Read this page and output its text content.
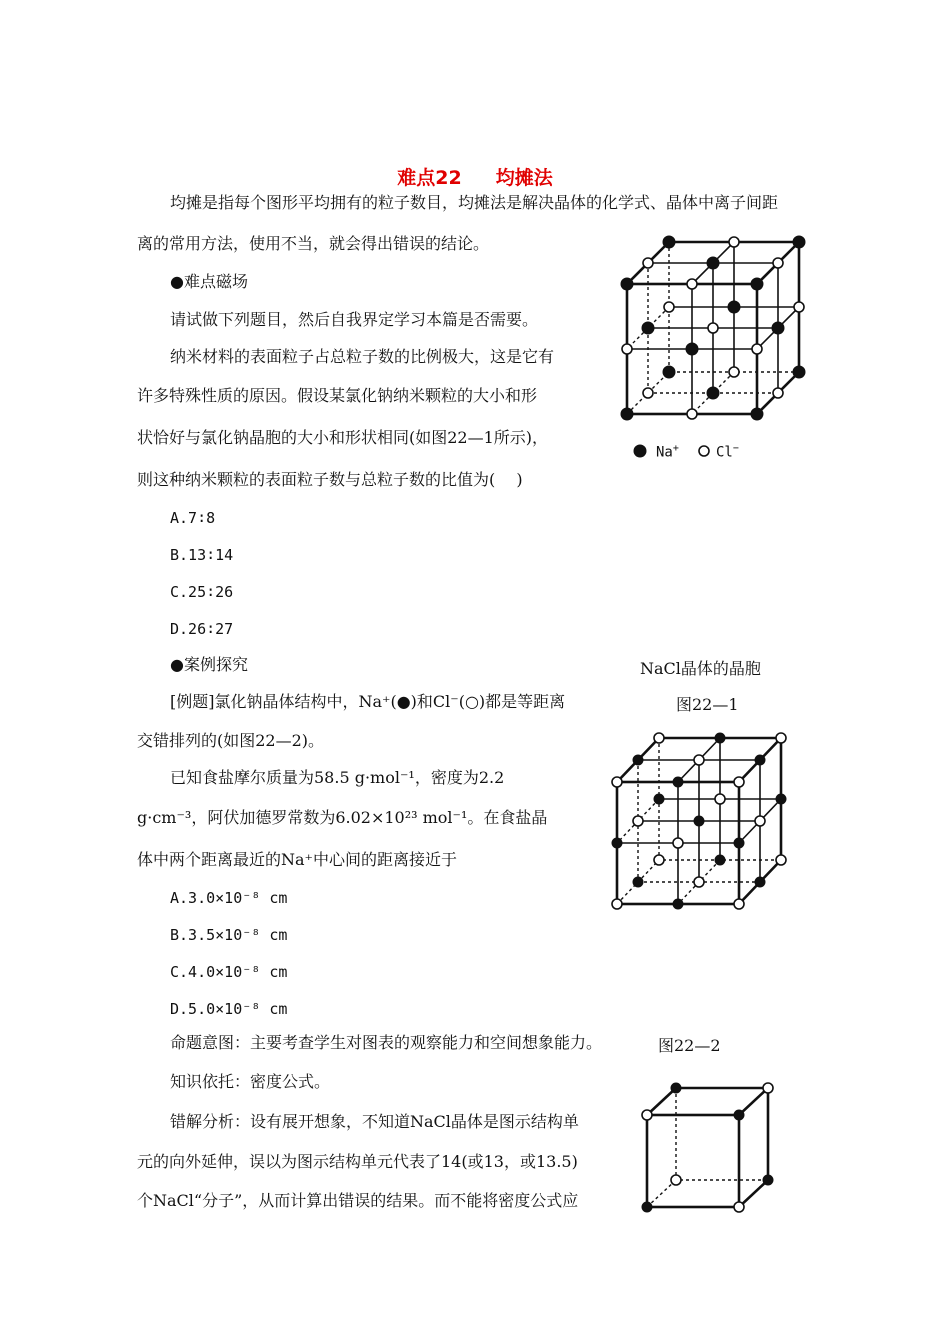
难点22 均摊法
均摊是指每个图形平均拥有的粒子数目，均摊法是解决晶体的化学式、晶体中离子间距
离的常用方法，使用不当，就会得出错误的结论。
●难点磁场
请试做下列题目，然后自我界定学习本篇是否需要。
纳米材料的表面粒子占总粒子数的比例极大，这是它有
许多特殊性质的原因。假设某氯化钠纳米颗粒的大小和形
状恰好与氯化钠晶胞的大小和形状相同(如图22—1所示)，
则这种纳米颗粒的表面粒子数与总粒子数的比值为(　 )
A.7∶8
B.13∶14
C.25∶26
D.26∶27
Na+	Cl−
●案例探究	NaCl晶体的晶胞
图22—1
[例题]氯化钠晶体结构中，Na⁺(●)和Cl⁻(○)都是等距离
交错排列的(如图22—2)。
已知食盐摩尔质量为58.5 g·mol⁻¹，密度为2.2
g·cm⁻³，阿伏加德罗常数为6.02×10²³ mol⁻¹。在食盐晶
体中两个距离最近的Na⁺中心间的距离接近于
A.3.0×10⁻⁸ cm
B.3.5×10⁻⁸ cm
C.4.0×10⁻⁸ cm
D.5.0×10⁻⁸ cm
命题意图：主要考查学生对图表的观察能力和空间想象能力。	图22—2
知识依托：密度公式。
错解分析：设有展开想象，不知道NaCl晶体是图示结构单
元的向外延伸，误以为图示结构单元代表了14(或13，或13.5)
个NaCl“分子”，从而计算出错误的结果。而不能将密度公式应
